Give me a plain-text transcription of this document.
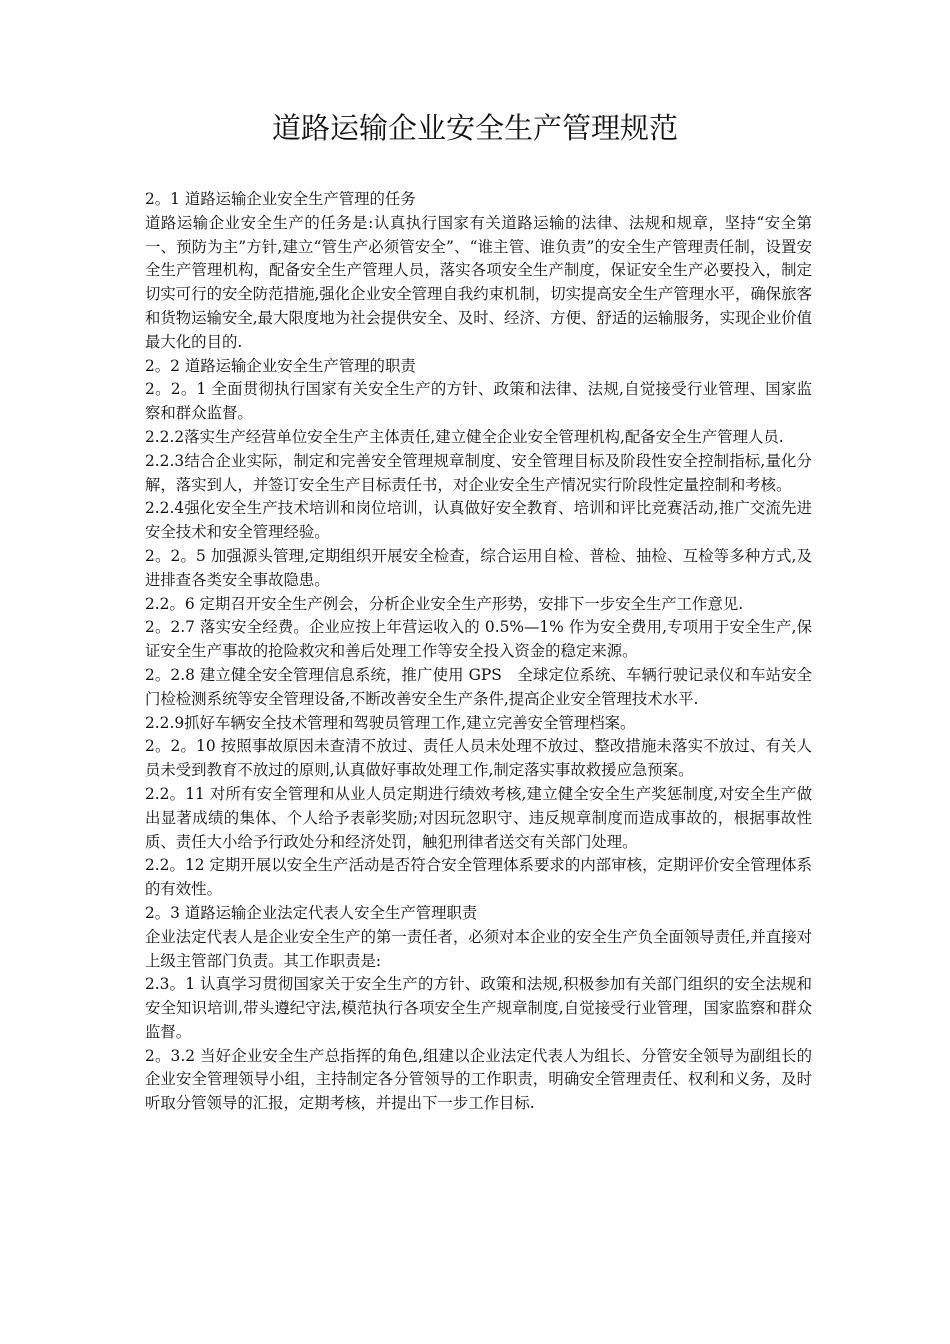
道路运输企业安全生产管理规范

2。1 道路运输企业安全生产管理的任务

道路运输企业安全生产的任务是:认真执行国家有关道路运输的法律、法规和规章，坚持“安全第一、预防为主”方针,建立“管生产必须管安全”、“谁主管、谁负责”的安全生产管理责任制，设置安全生产管理机构，配备安全生产管理人员，落实各项安全生产制度，保证安全生产必要投入，制定切实可行的安全防范措施,强化企业安全管理自我约束机制，切实提高安全生产管理水平，确保旅客和货物运输安全,最大限度地为社会提供安全、及时、经济、方便、舒适的运输服务，实现企业价值最大化的目的.

2。2 道路运输企业安全生产管理的职责

2。2。1 全面贯彻执行国家有关安全生产的方针、政策和法律、法规,自觉接受行业管理、国家监察和群众监督。

2.2.2落实生产经营单位安全生产主体责任,建立健全企业安全管理机构,配备安全生产管理人员.

2.2.3结合企业实际，制定和完善安全管理规章制度、安全管理目标及阶段性安全控制指标,量化分解，落实到人，并签订安全生产目标责任书，对企业安全生产情况实行阶段性定量控制和考核。

2.2.4强化安全生产技术培训和岗位培训，认真做好安全教育、培训和评比竞赛活动,推广交流先进安全技术和安全管理经验。

2。2。5 加强源头管理,定期组织开展安全检查，综合运用自检、普检、抽检、互检等多种方式,及进排查各类安全事故隐患。

2.2。6 定期召开安全生产例会，分析企业安全生产形势，安排下一步安全生产工作意见.

2。2.7 落实安全经费。企业应按上年营运收入的 0.5%—1% 作为安全费用,专项用于安全生产,保证安全生产事故的抢险救灾和善后处理工作等安全投入资金的稳定来源。

2。2.8 建立健全安全管理信息系统，推广使用 GPS　全球定位系统、车辆行驶记录仪和车站安全门检检测系统等安全管理设备,不断改善安全生产条件,提高企业安全管理技术水平.

2.2.9抓好车辆安全技术管理和驾驶员管理工作,建立完善安全管理档案。

2。2。10 按照事故原因未查清不放过、责任人员未处理不放过、整改措施未落实不放过、有关人员未受到教育不放过的原则,认真做好事故处理工作,制定落实事故救援应急预案。

2.2。11 对所有安全管理和从业人员定期进行绩效考核,建立健全安全生产奖惩制度,对安全生产做出显著成绩的集体、个人给予表彰奖励;对因玩忽职守、违反规章制度而造成事故的，根据事故性质、责任大小给予行政处分和经济处罚，触犯刑律者送交有关部门处理。

2.2。12 定期开展以安全生产活动是否符合安全管理体系要求的内部审核，定期评价安全管理体系的有效性。

2。3 道路运输企业法定代表人安全生产管理职责

企业法定代表人是企业安全生产的第一责任者，必须对本企业的安全生产负全面领导责任,并直接对上级主管部门负责。其工作职责是:

2.3。1 认真学习贯彻国家关于安全生产的方针、政策和法规,积极参加有关部门组织的安全法规和安全知识培训,带头遵纪守法,模范执行各项安全生产规章制度,自觉接受行业管理，国家监察和群众监督。

2。3.2 当好企业安全生产总指挥的角色,组建以企业法定代表人为组长、分管安全领导为副组长的企业安全管理领导小组，主持制定各分管领导的工作职责，明确安全管理责任、权利和义务，及时听取分管领导的汇报，定期考核，并提出下一步工作目标.
